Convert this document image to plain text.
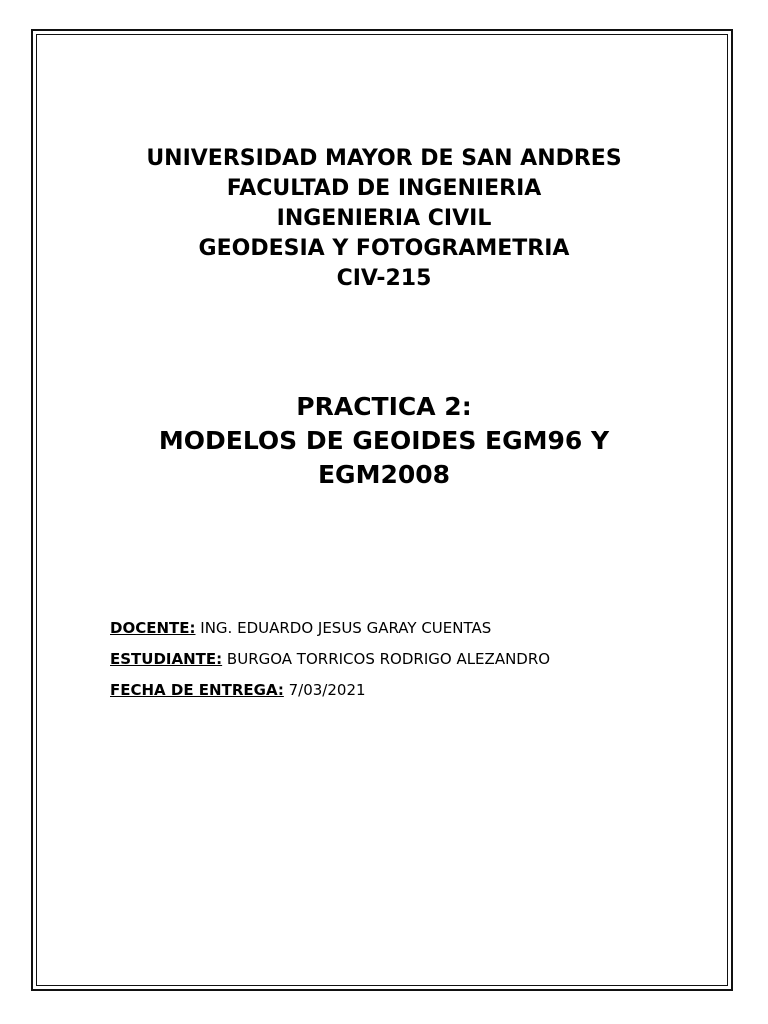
UNIVERSIDAD MAYOR DE SAN ANDRES
FACULTAD DE INGENIERIA
INGENIERIA CIVIL
GEODESIA Y FOTOGRAMETRIA
CIV-215
PRACTICA 2:
MODELOS DE GEOIDES EGM96 Y
EGM2008
DOCENTE: ING. EDUARDO JESUS GARAY CUENTAS
ESTUDIANTE: BURGOA TORRICOS RODRIGO ALEZANDRO
FECHA DE ENTREGA: 7/03/2021
